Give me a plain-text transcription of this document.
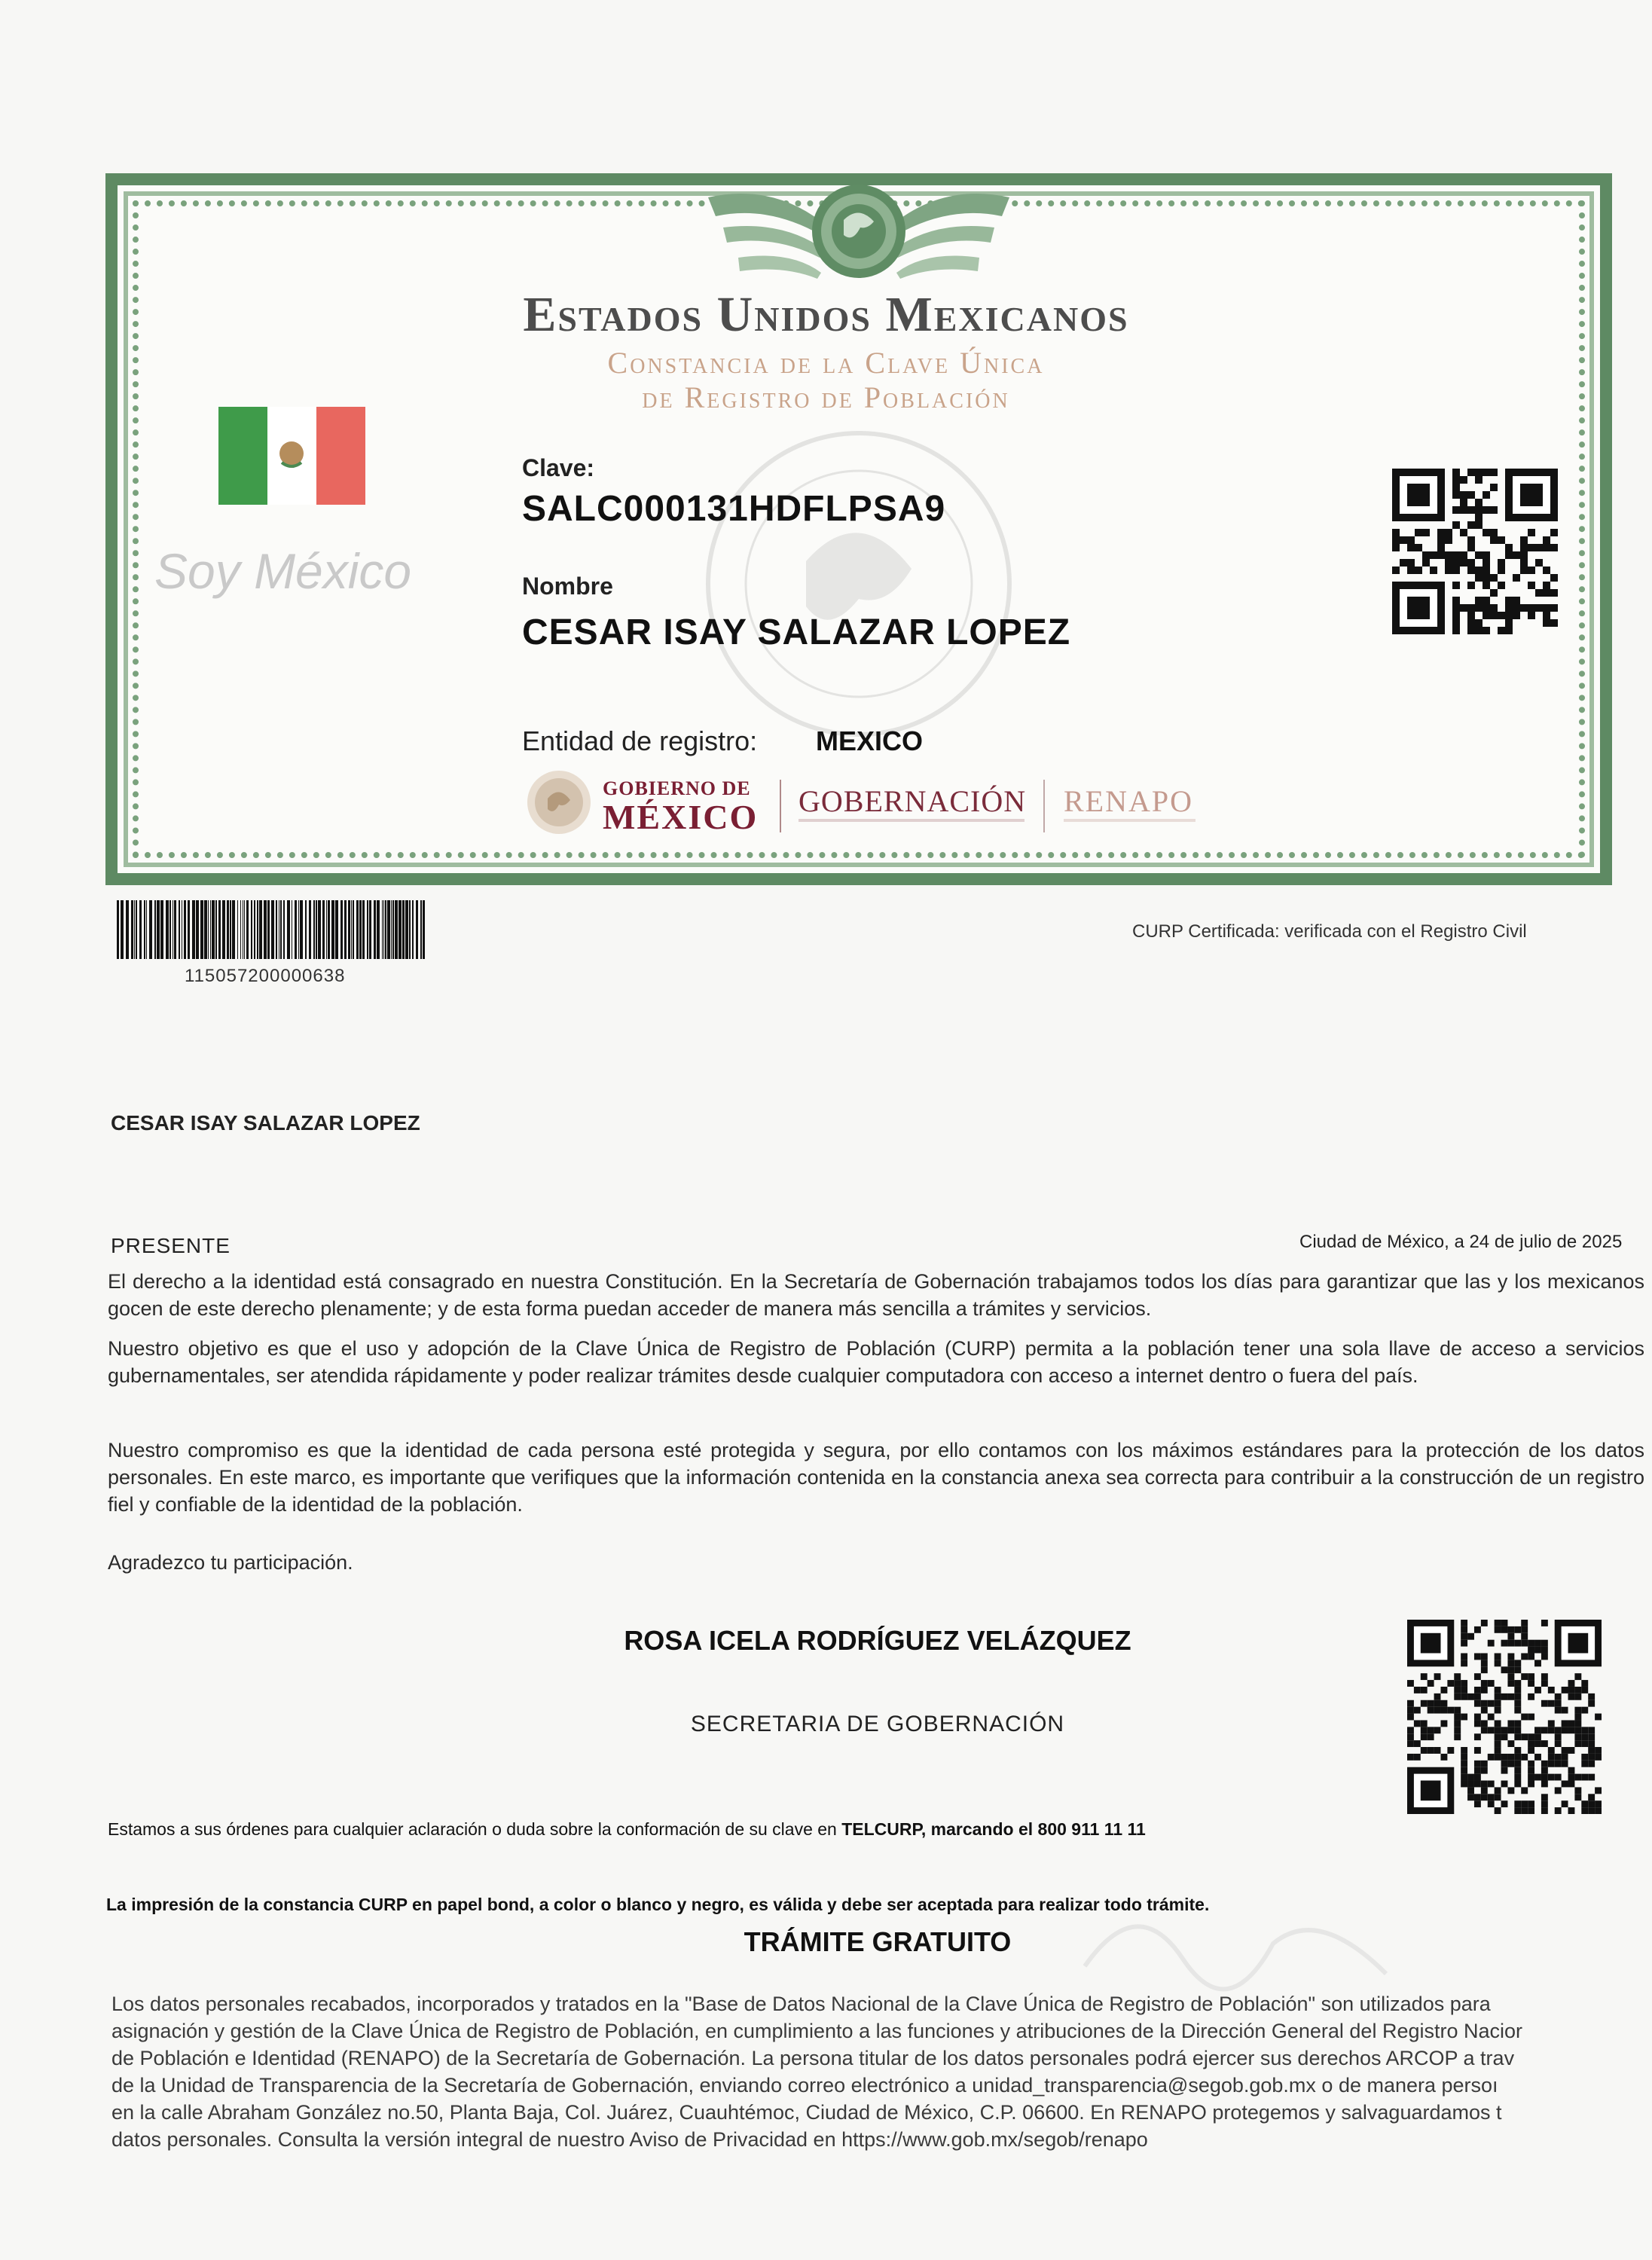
Estados Unidos Mexicanos
Constancia de la Clave Única
de Registro de Población
Soy México
Clave:
SALC000131HDFLPSA9
Nombre
CESAR ISAY SALAZAR LOPEZ
Entidad de registro: MEXICO
GOBIERNO DE
MÉXICO GOBERNACIÓN RENAPO
115057200000638
CURP Certificada: verificada con el Registro Civil
CESAR ISAY SALAZAR LOPEZ
PRESENTE	Ciudad de México, a 24 de julio de 2025
El derecho a la identidad está consagrado en nuestra Constitución. En la Secretaría de Gobernación trabajamos todos los días para garantizar que las y los mexicanos gocen de este derecho plenamente; y de esta forma puedan acceder de manera más sencilla a trámites y servicios.
Nuestro objetivo es que el uso y adopción de la Clave Única de Registro de Población (CURP) permita a la población tener una sola llave de acceso a servicios gubernamentales, ser atendida rápidamente y poder realizar trámites desde cualquier computadora con acceso a internet dentro o fuera del país.
Nuestro compromiso es que la identidad de cada persona esté protegida y segura, por ello contamos con los máximos estándares para la protección de los datos personales. En este marco, es importante que verifiques que la información contenida en la constancia anexa sea correcta para contribuir a la construcción de un registro fiel y confiable de la identidad de la población.
Agradezco tu participación.
ROSA ICELA RODRÍGUEZ VELÁZQUEZ
SECRETARIA DE GOBERNACIÓN
Estamos a sus órdenes para cualquier aclaración o duda sobre la conformación de su clave en TELCURP, marcando el 800 911 11 11
La impresión de la constancia CURP en papel bond, a color o blanco y negro, es válida y debe ser aceptada para realizar todo trámite.
TRÁMITE GRATUITO
Los datos personales recabados, incorporados y tratados en la "Base de Datos Nacional de la Clave Única de Registro de Población" son utilizados para
asignación y gestión de la Clave Única de Registro de Población, en cumplimiento a las funciones y atribuciones de la Dirección General del Registro Nacior
de Población e Identidad (RENAPO) de la Secretaría de Gobernación. La persona titular de los datos personales podrá ejercer sus derechos ARCOP a trav
de la Unidad de Transparencia de la Secretaría de Gobernación, enviando correo electrónico a unidad_transparencia@segob.gob.mx o de manera persoı
en la calle Abraham González no.50, Planta Baja, Col. Juárez, Cuauhtémoc, Ciudad de México, C.P. 06600. En RENAPO protegemos y salvaguardamos t
datos personales. Consulta la versión integral de nuestro Aviso de Privacidad en https://www.gob.mx/segob/renapo
